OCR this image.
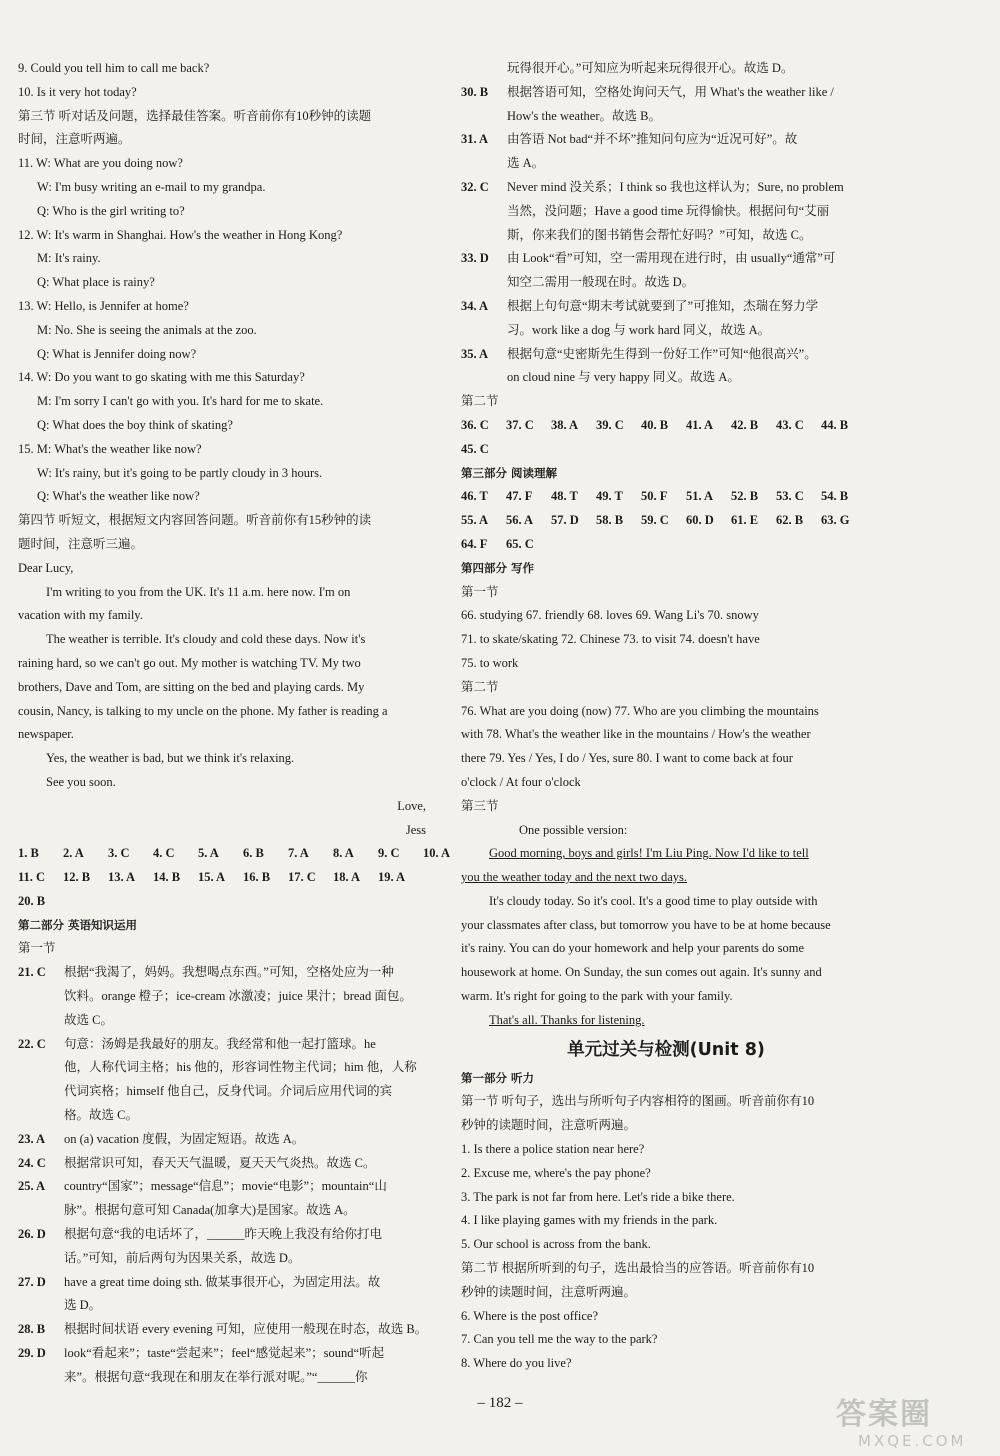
9. Could you tell him to call me back?
10. Is it very hot today?
第三节 听对话及问题，选择最佳答案。听音前你有10秒钟的读题
时间，注意听两遍。
11. W: What are you doing now?
W: I'm busy writing an e-mail to my grandpa.
Q: Who is the girl writing to?
12. W: It's warm in Shanghai. How's the weather in Hong Kong?
M: It's rainy.
Q: What place is rainy?
13. W: Hello, is Jennifer at home?
M: No. She is seeing the animals at the zoo.
Q: What is Jennifer doing now?
14. W: Do you want to go skating with me this Saturday?
M: I'm sorry I can't go with you. It's hard for me to skate.
Q: What does the boy think of skating?
15. M: What's the weather like now?
W: It's rainy, but it's going to be partly cloudy in 3 hours.
Q: What's the weather like now?
第四节 听短文，根据短文内容回答问题。听音前你有15秒钟的读
题时间，注意听三遍。
Dear Lucy,
I'm writing to you from the UK. It's 11 a.m. here now. I'm on
vacation with my family.
The weather is terrible. It's cloudy and cold these days. Now it's
raining hard, so we can't go out. My mother is watching TV. My two
brothers, Dave and Tom, are sitting on the bed and playing cards. My
cousin, Nancy, is talking to my uncle on the phone. My father is reading a
newspaper.
Yes, the weather is bad, but we think it's relaxing.
See you soon.
Love,
Jess
1. B 2. A 3. C 4. C 5. A 6. B 7. A 8. A 9. C 10. A
11. C 12. B 13. A 14. B 15. A 16. B 17. C 18. A 19. A
20. B
第二部分 英语知识运用
第一节
21. C	根据“我渴了，妈妈。我想喝点东西。”可知，空格处应为一种
饮料。orange 橙子；ice-cream 冰激凌；juice 果汁；bread 面包。
故选 C。
22. C	句意：汤姆是我最好的朋友。我经常和他一起打篮球。he
他，人称代词主格；his 他的，形容词性物主代词；him 他，人称
代词宾格；himself 他自己，反身代词。介词后应用代词的宾
格。故选 C。
23. A	on (a) vacation 度假，为固定短语。故选 A。
24. C	根据常识可知，春天天气温暖，夏天天气炎热。故选 C。
25. A	country“国家”；message“信息”；movie“电影”；mountain“山
脉”。根据句意可知 Canada(加拿大)是国家。故选 A。
26. D	根据句意“我的电话坏了，______昨天晚上我没有给你打电
话。”可知，前后两句为因果关系，故选 D。
27. D	have a great time doing sth. 做某事很开心，为固定用法。故
选 D。
28. B	根据时间状语 every evening 可知，应使用一般现在时态，故选 B。
29. D	look“看起来”；taste“尝起来”；feel“感觉起来”；sound“听起
来”。根据句意“我现在和朋友在举行派对呢。”“______你
玩得很开心。”可知应为听起来玩得很开心。故选 D。
30. B	根据答语可知，空格处询问天气，用 What's the weather like /
How's the weather。故选 B。
31. A	由答语 Not bad“并不坏”推知问句应为“近况可好”。故
选 A。
32. C	Never mind 没关系；I think so 我也这样认为；Sure, no problem
当然，没问题；Have a good time 玩得愉快。根据问句“艾丽
斯，你来我们的图书销售会帮忙好吗？”可知，故选 C。
33. D	由 Look“看”可知，空一需用现在进行时，由 usually“通常”可
知空二需用一般现在时。故选 D。
34. A	根据上句句意“期末考试就要到了”可推知，杰瑞在努力学
习。work like a dog 与 work hard 同义，故选 A。
35. A	根据句意“史密斯先生得到一份好工作”可知“他很高兴”。
on cloud nine 与 very happy 同义。故选 A。
第二节
36. C 37. C 38. A 39. C 40. B 41. A 42. B 43. C 44. B
45. C
第三部分 阅读理解
46. T 47. F 48. T 49. T 50. F 51. A 52. B 53. C 54. B
55. A 56. A 57. D 58. B 59. C 60. D 61. E 62. B 63. G
64. F 65. C
第四部分 写作
第一节
66. studying 67. friendly 68. loves 69. Wang Li's 70. snowy
71. to skate/skating 72. Chinese 73. to visit 74. doesn't have
75. to work
第二节
76. What are you doing (now) 77. Who are you climbing the mountains
with 78. What's the weather like in the mountains / How's the weather
there 79. Yes / Yes, I do / Yes, sure 80. I want to come back at four
o'clock / At four o'clock
第三节
One possible version:
Good morning, boys and girls! I'm Liu Ping. Now I'd like to tell
you the weather today and the next two days.
It's cloudy today. So it's cool. It's a good time to play outside with
your classmates after class, but tomorrow you have to be at home because
it's rainy. You can do your homework and help your parents do some
housework at home. On Sunday, the sun comes out again. It's sunny and
warm. It's right for going to the park with your family.
That's all. Thanks for listening.
单元过关与检测(Unit 8)
第一部分 听力
第一节 听句子，选出与所听句子内容相符的图画。听音前你有10
秒钟的读题时间，注意听两遍。
1. Is there a police station near here?
2. Excuse me, where's the pay phone?
3. The park is not far from here. Let's ride a bike there.
4. I like playing games with my friends in the park.
5. Our school is across from the bank.
第二节 根据所听到的句子，选出最恰当的应答语。听音前你有10
秒钟的读题时间，注意听两遍。
6. Where is the post office?
7. Can you tell me the way to the park?
8. Where do you live?
– 182 –	答案圈
MXQE.COM
